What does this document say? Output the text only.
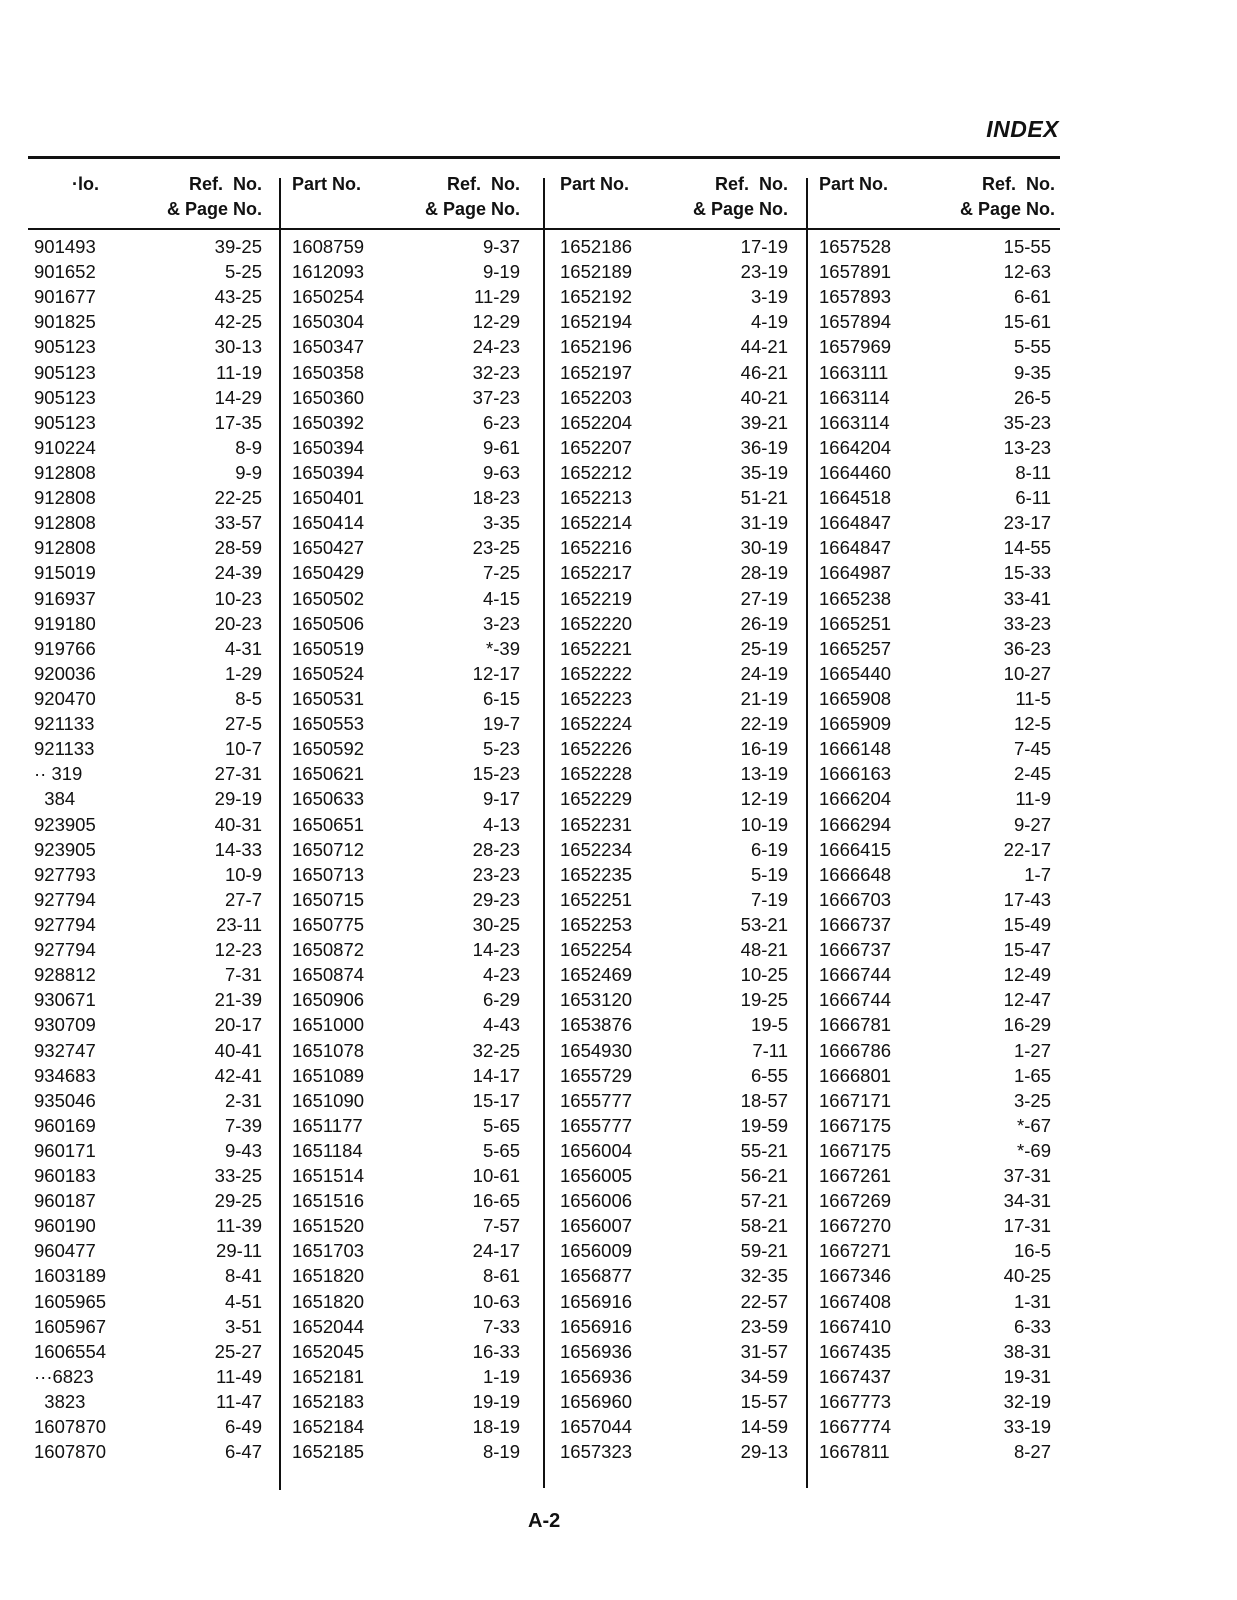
INDEX
·lo.	Ref.  No.
& Page No.
901493	39-25
901652	5-25
901677	43-25
901825	42-25
905123	30-13
905123	11-19
905123	14-29
905123	17-35
910224	8-9
912808	9-9
912808	22-25
912808	33-57
912808	28-59
915019	24-39
916937	10-23
919180	20-23
919766	4-31
920036	1-29
920470	8-5
921133	27-5
921133	10-7
·· 319	27-31
384	29-19
923905	40-31
923905	14-33
927793	10-9
927794	27-7
927794	23-11
927794	12-23
928812	7-31
930671	21-39
930709	20-17
932747	40-41
934683	42-41
935046	2-31
960169	7-39
960171	9-43
960183	33-25
960187	29-25
960190	11-39
960477	29-11
1603189	8-41
1605965	4-51
1605967	3-51
1606554	25-27
···6823	11-49
3823	11-47
1607870	6-49
1607870	6-47
Part No.	Ref.  No.
& Page No.
1608759	9-37
1612093	9-19
1650254	11-29
1650304	12-29
1650347	24-23
1650358	32-23
1650360	37-23
1650392	6-23
1650394	9-61
1650394	9-63
1650401	18-23
1650414	3-35
1650427	23-25
1650429	7-25
1650502	4-15
1650506	3-23
1650519	*-39
1650524	12-17
1650531	6-15
1650553	19-7
1650592	5-23
1650621	15-23
1650633	9-17
1650651	4-13
1650712	28-23
1650713	23-23
1650715	29-23
1650775	30-25
1650872	14-23
1650874	4-23
1650906	6-29
1651000	4-43
1651078	32-25
1651089	14-17
1651090	15-17
1651177	5-65
1651184	5-65
1651514	10-61
1651516	16-65
1651520	7-57
1651703	24-17
1651820	8-61
1651820	10-63
1652044	7-33
1652045	16-33
1652181	1-19
1652183	19-19
1652184	18-19
1652185	8-19
Part No.	Ref.  No.
& Page No.
1652186	17-19
1652189	23-19
1652192	3-19
1652194	4-19
1652196	44-21
1652197	46-21
1652203	40-21
1652204	39-21
1652207	36-19
1652212	35-19
1652213	51-21
1652214	31-19
1652216	30-19
1652217	28-19
1652219	27-19
1652220	26-19
1652221	25-19
1652222	24-19
1652223	21-19
1652224	22-19
1652226	16-19
1652228	13-19
1652229	12-19
1652231	10-19
1652234	6-19
1652235	5-19
1652251	7-19
1652253	53-21
1652254	48-21
1652469	10-25
1653120	19-25
1653876	19-5
1654930	7-11
1655729	6-55
1655777	18-57
1655777	19-59
1656004	55-21
1656005	56-21
1656006	57-21
1656007	58-21
1656009	59-21
1656877	32-35
1656916	22-57
1656916	23-59
1656936	31-57
1656936	34-59
1656960	15-57
1657044	14-59
1657323	29-13
Part No.	Ref.  No.
& Page No.
1657528	15-55
1657891	12-63
1657893	6-61
1657894	15-61
1657969	5-55
1663111	9-35
1663114	26-5
1663114	35-23
1664204	13-23
1664460	8-11
1664518	6-11
1664847	23-17
1664847	14-55
1664987	15-33
1665238	33-41
1665251	33-23
1665257	36-23
1665440	10-27
1665908	11-5
1665909	12-5
1666148	7-45
1666163	2-45
1666204	11-9
1666294	9-27
1666415	22-17
1666648	1-7
1666703	17-43
1666737	15-49
1666737	15-47
1666744	12-49
1666744	12-47
1666781	16-29
1666786	1-27
1666801	1-65
1667171	3-25
1667175	*-67
1667175	*-69
1667261	37-31
1667269	34-31
1667270	17-31
1667271	16-5
1667346	40-25
1667408	1-31
1667410	6-33
1667435	38-31
1667437	19-31
1667773	32-19
1667774	33-19
1667811	8-27
A-2
